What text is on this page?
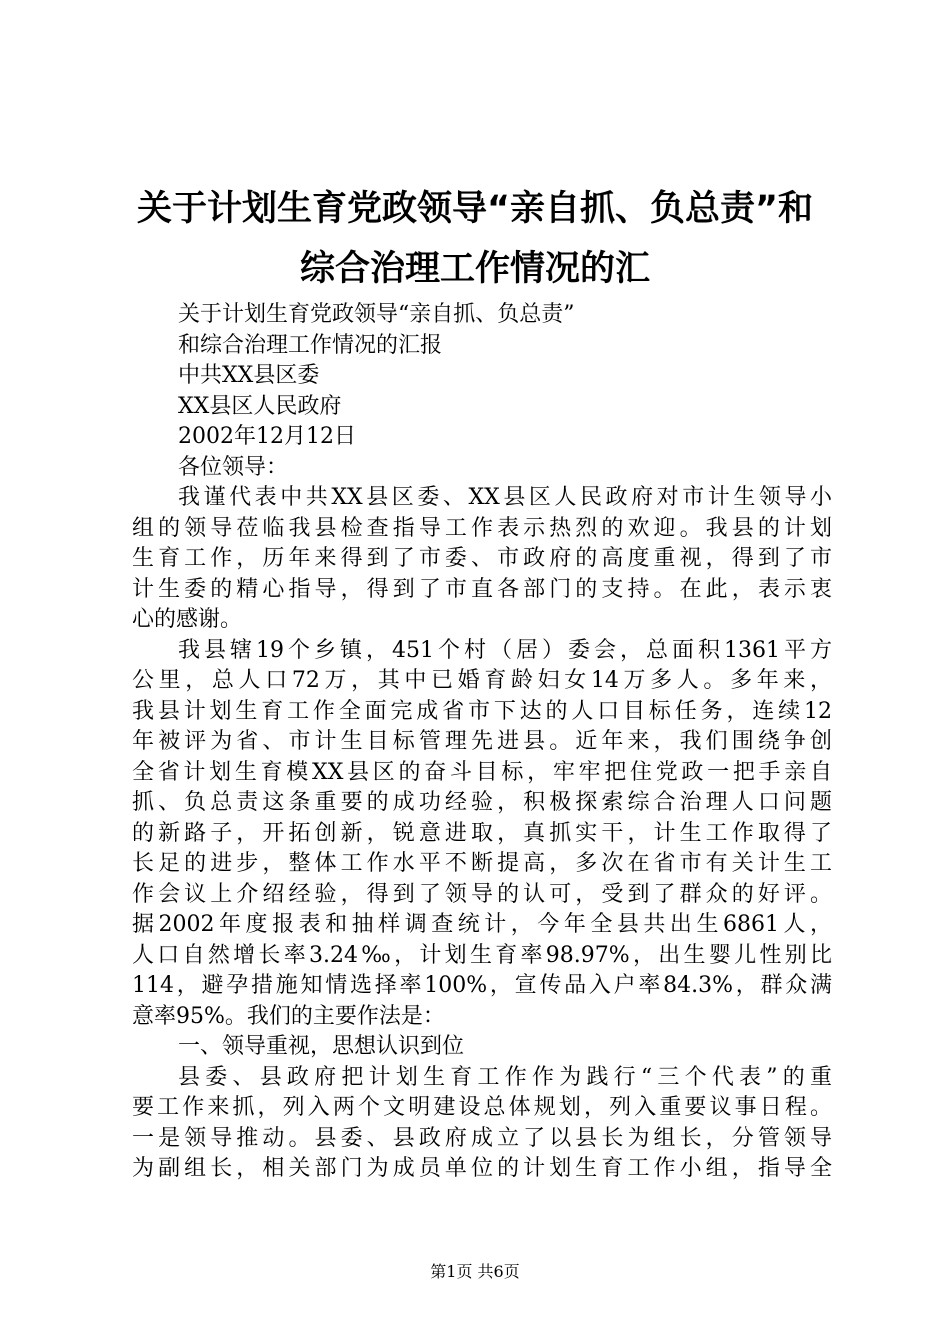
关于计划生育党政领导“亲自抓、负总责”和
综合治理工作情况的汇
关于计划生育党政领导“亲自抓、负总责”
和综合治理工作情况的汇报
中共XX县区委
XX县区人民政府
2002年12月12日
各位领导：
我谨代表中共XX县区委、XX县区人民政府对市计生领导小
组的领导莅临我县检查指导工作表示热烈的欢迎。我县的计划
生育工作，历年来得到了市委、市政府的高度重视，得到了市
计生委的精心指导，得到了市直各部门的支持。在此，表示衷
心的感谢。
我县辖19个乡镇，451个村（居）委会，总面积1361平方
公里，总人口72万，其中已婚育龄妇女14万多人。多年来，
我县计划生育工作全面完成省市下达的人口目标任务，连续12
年被评为省、市计生目标管理先进县。近年来，我们围绕争创
全省计划生育模XX县区的奋斗目标，牢牢把住党政一把手亲自
抓、负总责这条重要的成功经验，积极探索综合治理人口问题
的新路子，开拓创新，锐意进取，真抓实干，计生工作取得了
长足的进步，整体工作水平不断提高，多次在省市有关计生工
作会议上介绍经验，得到了领导的认可，受到了群众的好评。
据2002年度报表和抽样调查统计，今年全县共出生6861人，
人口自然增长率3.24‰，计划生育率98.97%，出生婴儿性别比
114，避孕措施知情选择率100%，宣传品入户率84.3%，群众满
意率95%。我们的主要作法是：
一、领导重视，思想认识到位
县委、县政府把计划生育工作作为践行“三个代表”的重
要工作来抓，列入两个文明建设总体规划，列入重要议事日程。
一是领导推动。县委、县政府成立了以县长为组长，分管领导
为副组长，相关部门为成员单位的计划生育工作小组，指导全
第1页 共6页
